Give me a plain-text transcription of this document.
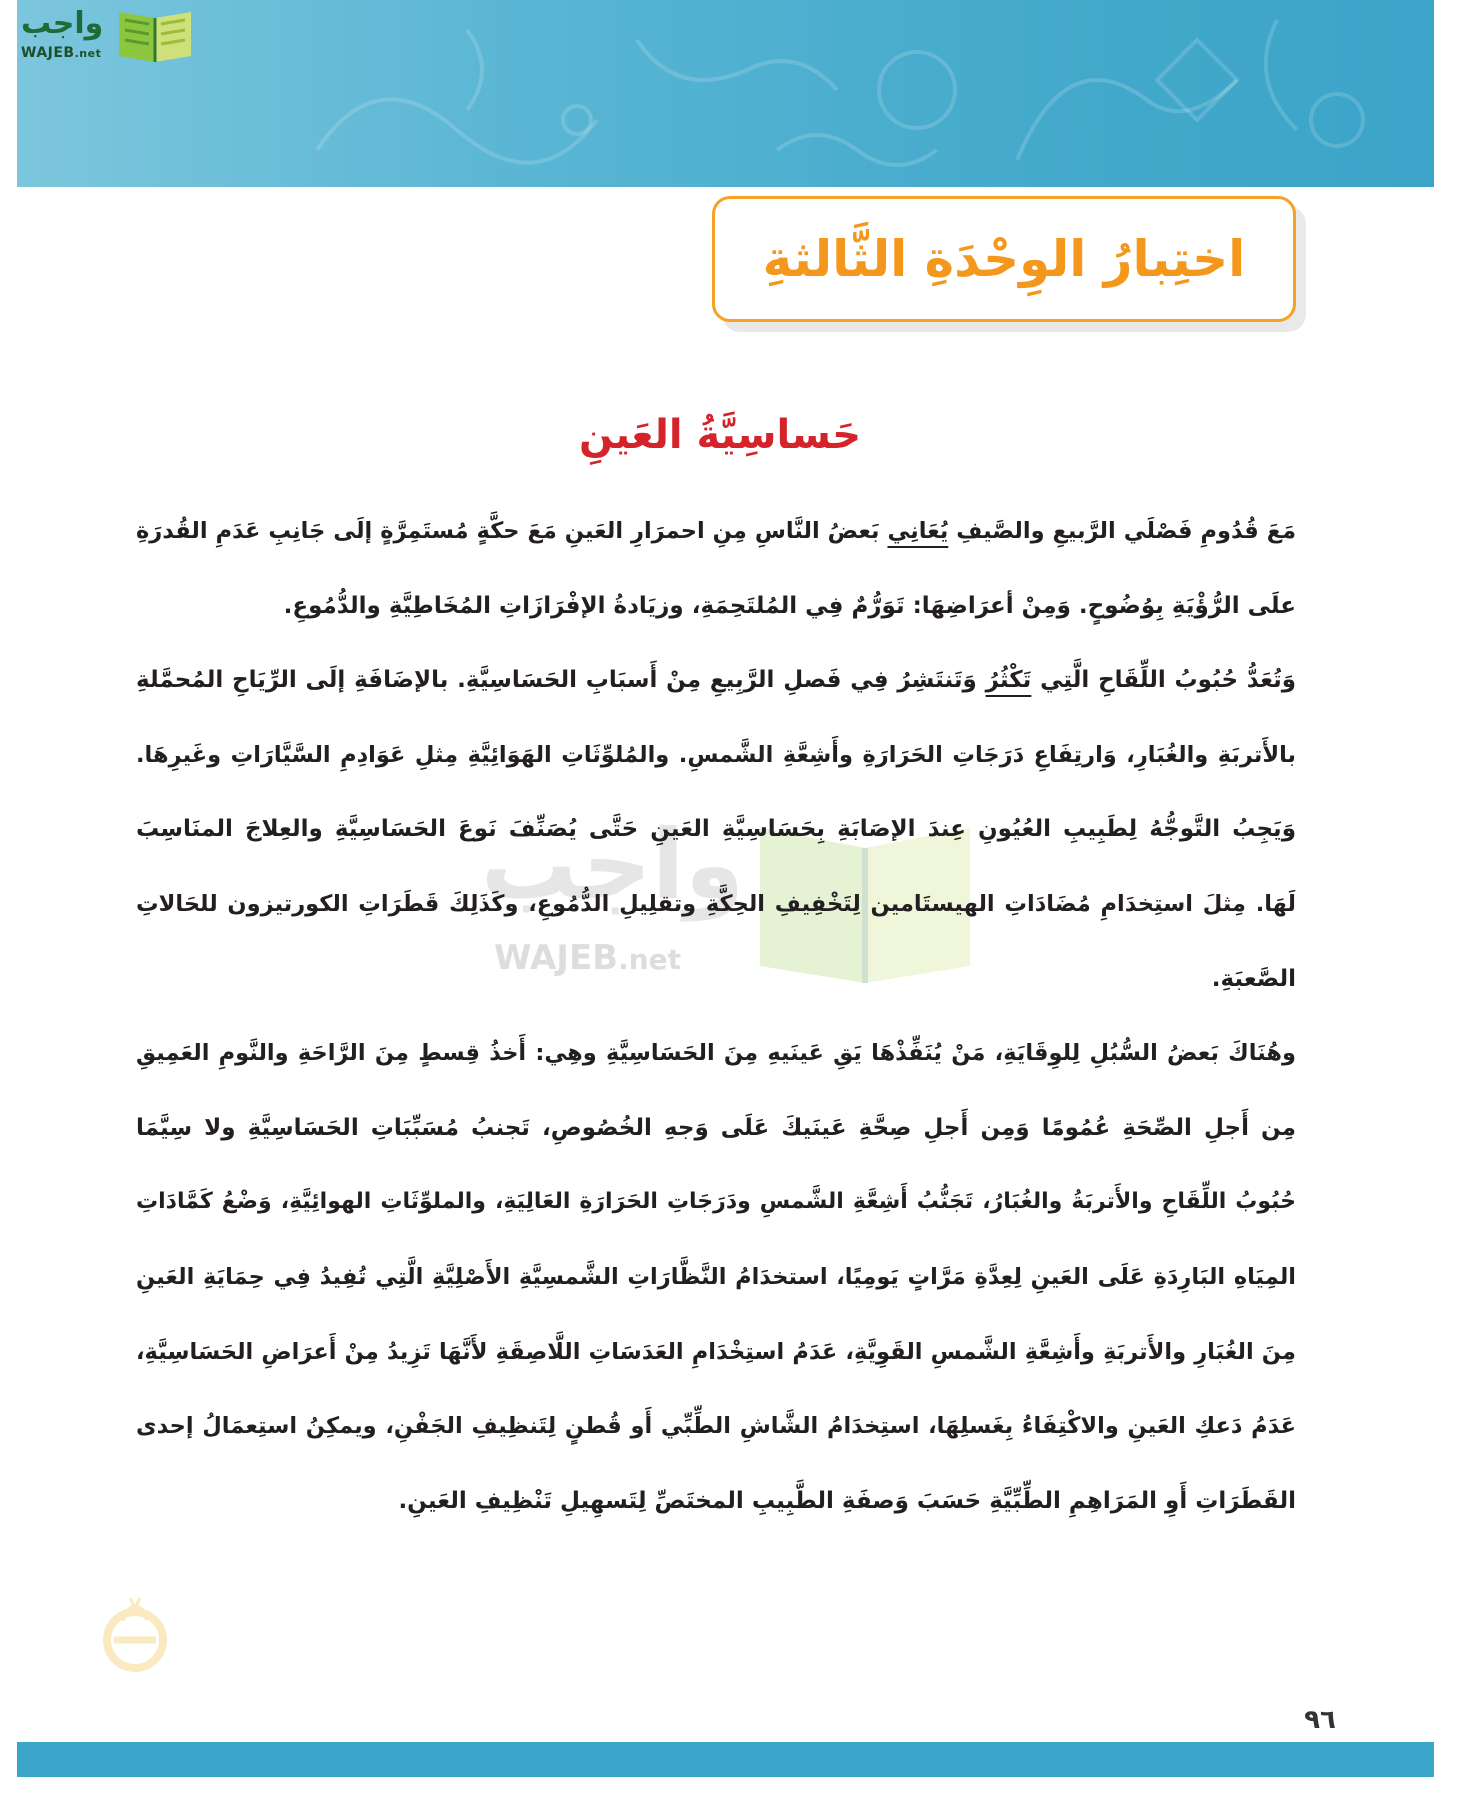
واجب
WAJEB.net
اختِبارُ الوِحْدَةِ الثَّالثةِ
حَساسِيَّةُ العَينِ
واجب
WAJEB.net
مَعَ قُدُومِ فَصْلَي الرَّبيعِ والصَّيفِ يُعَانِي بَعضُ النَّاسِ مِنِ احمرَارِ العَينِ مَعَ حكَّةٍ مُستَمِرَّةٍ إلَى جَانِبِ عَدَمِ القُدرَةِ
علَى الرُّؤْيَةِ بِوُضُوحٍ. وَمِنْ أعرَاضِهَا: تَوَرُّمٌ فِي المُلتَحِمَةِ، وزيَادةُ الإفْرَازَاتِ المُخَاطِيَّةِ والدُّمُوعِ.
وَتُعَدُّ حُبُوبُ اللِّقَاحِ الَّتِي تَكْثُرُ وَتَنتَشِرُ فِي فَصلِ الرَّبِيعِ مِنْ أَسبَابِ الحَسَاسِيَّةِ. بالإضَافَةِ إلَى الرِّيَاحِ المُحمَّلةِ
بالأَتربَةِ والغُبَارِ، وَارتِفَاعِ دَرَجَاتِ الحَرَارَةِ وأَشِعَّةِ الشَّمسِ. والمُلوِّثَاتِ الهَوَائِيَّةِ مِثلِ عَوَادِمِ السَّيَّارَاتِ وغَيرِهَا.
وَيَجِبُ التَّوجُّهُ لِطَبِيبِ العُيُونِ عِندَ الإصَابَةِ بِحَسَاسِيَّةِ العَينِ حَتَّى يُصَنِّفَ نَوعَ الحَسَاسِيَّةِ والعِلاجَ المنَاسِبَ
لَهَا. مِثلَ استِخدَامِ مُضَادَاتِ الهيستَامين لِتَخْفِيفِ الحِكَّةِ وتقلِيلِ الدُّمُوعِ، وكَذَلِكَ قَطَرَاتِ الكورتيزون للحَالاتِ
الصَّعبَةِ.
وهُنَاكَ بَعضُ السُّبُلِ لِلوِقَايَةِ، مَنْ يُنَفِّذْهَا يَقِ عَينَيهِ مِنَ الحَسَاسِيَّةِ وهِي: أَخذُ قِسطٍ مِنَ الرَّاحَةِ والنَّومِ العَمِيقِ
مِن أَجلِ الصِّحَةِ عُمُومًا وَمِن أَجلِ صِحَّةِ عَينَيكَ عَلَى وَجهِ الخُصُوصِ، تَجنبُ مُسَبِّبَاتِ الحَسَاسِيَّةِ ولا سِيَّمَا
حُبُوبُ اللِّقَاحِ والأَتربَةُ والغُبَارُ، تَجَنُّبُ أَشِعَّةِ الشَّمسِ ودَرَجَاتِ الحَرَارَةِ العَالِيَةِ، والملوِّثَاتِ الهوائِيَّةِ، وَضْعُ كَمَّادَاتِ
المِيَاهِ البَارِدَةِ عَلَى العَينِ لِعِدَّةِ مَرَّاتٍ يَومِيًا، استخدَامُ النَّظَّارَاتِ الشَّمسِيَّةِ الأَصْلِيَّةِ الَّتِي تُفِيدُ فِي حِمَايَةِ العَينِ
مِنَ الغُبَارِ والأَتربَةِ وأَشِعَّةِ الشَّمسِ القَوِيَّةِ، عَدَمُ استِخْدَامِ العَدَسَاتِ اللَّاصِقَةِ لأَنَّهَا تَزِيدُ مِنْ أَعرَاضِ الحَسَاسِيَّةِ،
عَدَمُ دَعكِ العَينِ والاكْتِفَاءُ بِغَسلِهَا، استِخدَامُ الشَّاشِ الطِّبِّي أَو قُطنٍ لِتَنظِيفِ الجَفْنِ، ويمكِنُ استِعمَالُ إحدى
القَطَرَاتِ أَوِ المَرَاهِمِ الطِّبِّيَّةِ حَسَبَ وَصفَةِ الطَّبِيبِ المختَصِّ لِتَسهِيلِ تَنْظِيفِ العَينِ.
٩٦
